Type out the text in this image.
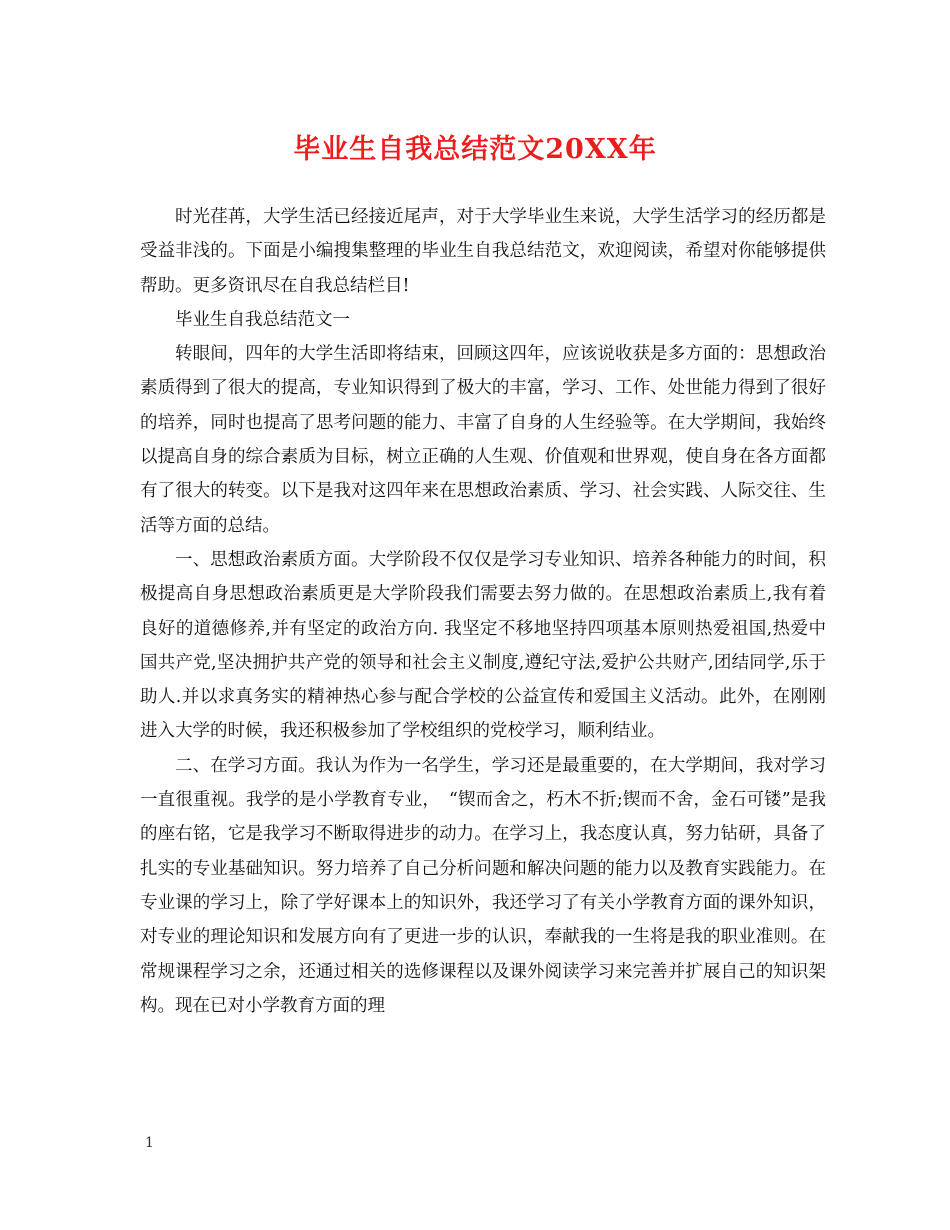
毕业生自我总结范文20XX年

时光荏苒，大学生活已经接近尾声，对于大学毕业生来说，大学生活学习的经历都是受益非浅的。下面是小编搜集整理的毕业生自我总结范文，欢迎阅读，希望对你能够提供帮助。更多资讯尽在自我总结栏目!

毕业生自我总结范文一

转眼间，四年的大学生活即将结束，回顾这四年，应该说收获是多方面的：思想政治素质得到了很大的提高，专业知识得到了极大的丰富，学习、工作、处世能力得到了很好的培养，同时也提高了思考问题的能力、丰富了自身的人生经验等。在大学期间，我始终以提高自身的综合素质为目标，树立正确的人生观、价值观和世界观，使自身在各方面都有了很大的转变。以下是我对这四年来在思想政治素质、学习、社会实践、人际交往、生活等方面的总结。

一、思想政治素质方面。大学阶段不仅仅是学习专业知识、培养各种能力的时间，积极提高自身思想政治素质更是大学阶段我们需要去努力做的。在思想政治素质上,我有着良好的道德修养,并有坚定的政治方向. 我坚定不移地坚持四项基本原则热爱祖国,热爱中国共产党,坚决拥护共产党的领导和社会主义制度,遵纪守法,爱护公共财产,团结同学,乐于助人.并以求真务实的精神热心参与配合学校的公益宣传和爱国主义活动。此外，在刚刚进入大学的时候，我还积极参加了学校组织的党校学习，顺利结业。

二、在学习方面。我认为作为一名学生，学习还是最重要的，在大学期间，我对学习一直很重视。我学的是小学教育专业，　“锲而舍之，朽木不折;锲而不舍，金石可镂”是我的座右铭，它是我学习不断取得进步的动力。在学习上，我态度认真，努力钻研，具备了扎实的专业基础知识。努力培养了自己分析问题和解决问题的能力以及教育实践能力。在专业课的学习上，除了学好课本上的知识外，我还学习了有关小学教育方面的课外知识，对专业的理论知识和发展方向有了更进一步的认识，奉献我的一生将是我的职业准则。在常规课程学习之余，还通过相关的选修课程以及课外阅读学习来完善并扩展自己的知识架构。现在已对小学教育方面的理

1
